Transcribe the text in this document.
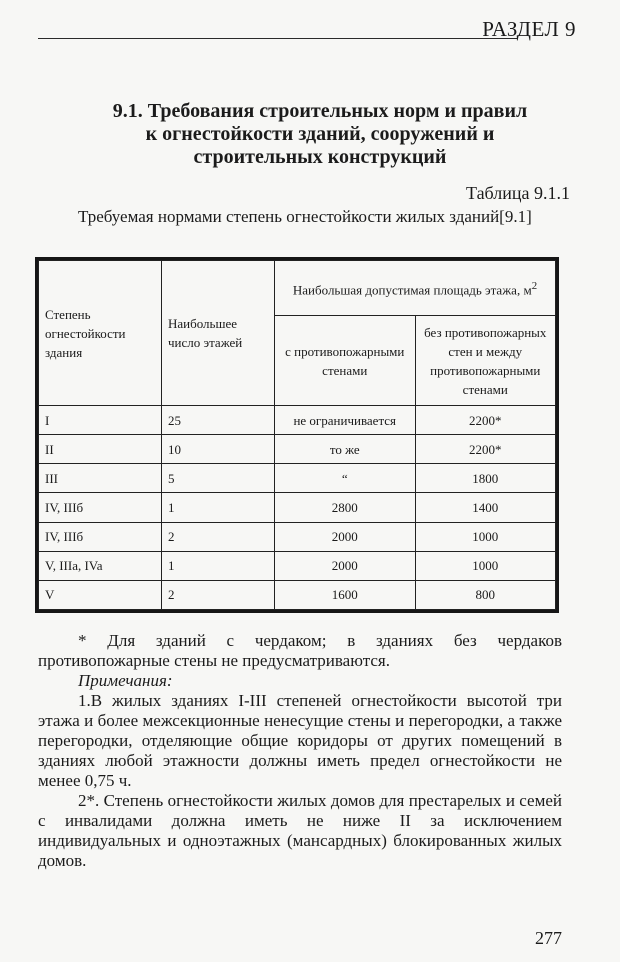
РАЗДЕЛ 9
9.1. Требования строительных норм и правил
к огнестойкости зданий, сооружений и
строительных конструкций
Таблица 9.1.1
Требуемая нормами степень огнестойкости жилых зданий[9.1]
Степень огнестойкости здания	Наибольшее число этажей	Наибольшая допустимая площадь этажа, $м^2$
		с противопожарными стенами	без противопожарных стен и между противопожарными стенами
I	25	не ограничивается	2200*
II	10	то же	2200*
III	5	“	1800
IV, IIIб	1	2800	1400
IV, IIIб	2	2000	1000
V, IIIa, IVa	1	2000	1000
V	2	1600	800

* Для зданий с чердаком; в зданиях без чердаков противопожарные стены не предусматриваются.

Примечания:

1.В жилых зданиях I-III степеней огнестойкости высотой три этажа и более межсекционные ненесущие стены и перегородки, а также перегородки, отделяющие общие коридоры от других помещений в зданиях любой этажности должны иметь предел огнестойкости не менее 0,75 ч.

2*. Степень огнестойкости жилых домов для престарелых и семей с инвалидами должна иметь не ниже II за исключением индивидуальных и одноэтажных (мансардных) блокированных жилых домов.

277
